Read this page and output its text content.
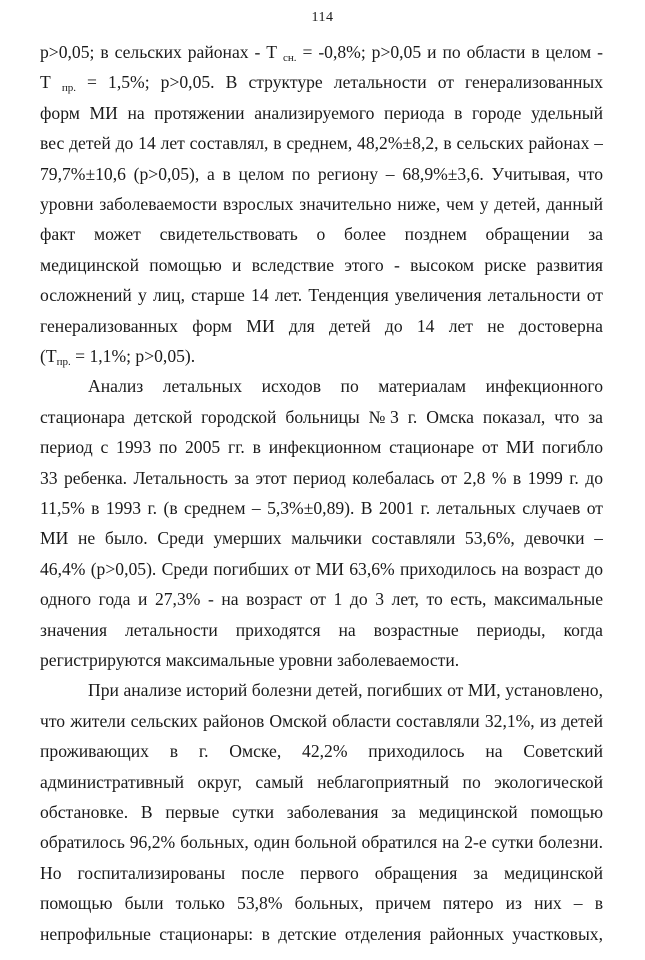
114
р>0,05; в сельских районах - Т $_{сн.}$ = -0,8%; р>0,05 и по области в целом -
Т $_{пр.}$ = 1,5%; р>0,05. В структуре летальности от генерализованных
форм МИ на протяжении анализируемого периода в городе удельный
вес детей до 14 лет составлял, в среднем, 48,2%±8,2, в сельских районах –
79,7%±10,6 (р>0,05), а в целом по региону – 68,9%±3,6. Учитывая, что
уровни заболеваемости взрослых значительно ниже, чем у детей, данный
факт может свидетельствовать о более позднем обращении за
медицинской помощью и вследствие этого - высоком риске развития
осложнений у лиц, старше 14 лет. Тенденция увеличения летальности от
генерализованных форм МИ для детей до 14 лет не достоверна
($Т_{пр.} = 1,1\%$; р>0,05).
Анализ летальных исходов по материалам инфекционного
стационара детской городской больницы №3 г. Омска показал, что за
период с 1993 по 2005 гг. в инфекционном стационаре от МИ погибло
33 ребенка. Летальность за этот период колебалась от 2,8 % в 1999 г. до
11,5% в 1993 г. (в среднем – 5,3%±0,89). В 2001 г. летальных случаев от
МИ не было. Среди умерших мальчики составляли 53,6%, девочки –
46,4% (р>0,05). Среди погибших от МИ 63,6% приходилось на возраст до
одного года и 27,3% - на возраст от 1 до 3 лет, то есть, максимальные
значения летальности приходятся на возрастные периоды, когда
регистрируются максимальные уровни заболеваемости.
При анализе историй болезни детей, погибших от МИ, установлено,
что жители сельских районов Омской области составляли 32,1%, из детей
проживающих в г. Омске, 42,2% приходилось на Советский
административный округ, самый неблагоприятный по экологической
обстановке. В первые сутки заболевания за медицинской помощью
обратилось 96,2% больных, один больной обратился на 2-е сутки болезни.
Но госпитализированы после первого обращения за медицинской
помощью были только 53,8% больных, причем пятеро из них – в
непрофильные стационары: в детские отделения районных участковых,
